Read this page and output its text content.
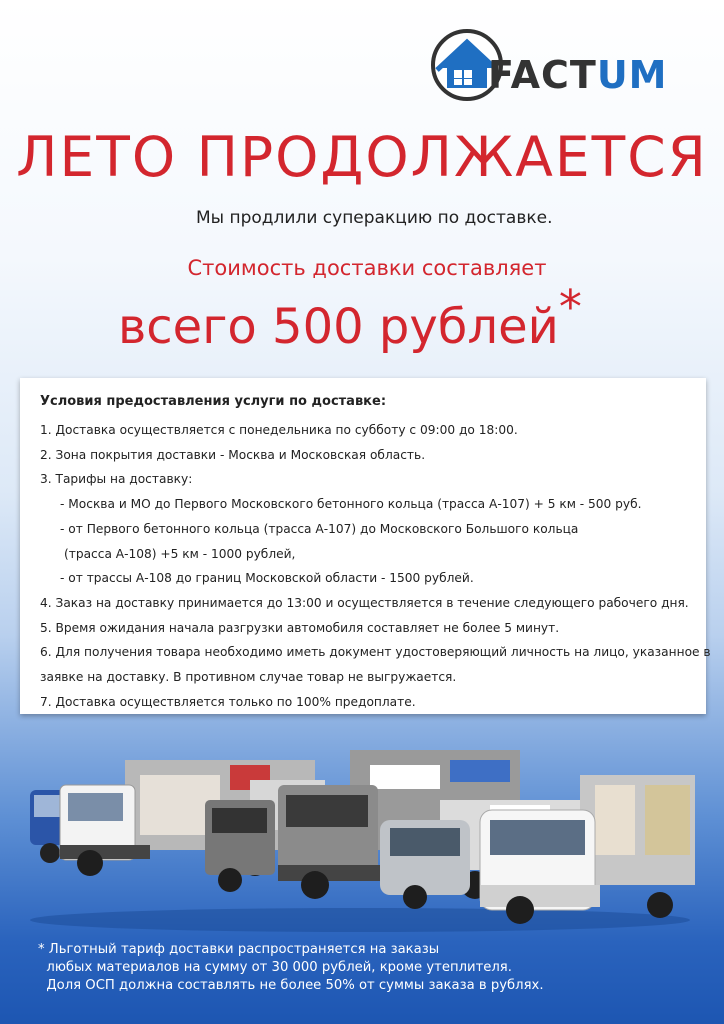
FACTUM
ЛЕТО ПРОДОЛЖАЕТСЯ
Мы продлили суперакцию по доставке.
Стоимость доставки составляет
всего 500 рублей*
Условия предоставления услуги по доставке:
1. Доставка осуществляется с понедельника по субботу с 09:00 до 18:00.
2. Зона покрытия доставки - Москва и Московская область.
3. Тарифы на доставку:
- Москва и МО до Первого Московского бетонного кольца (трасса А-107) + 5 км - 500 руб.
- от Первого бетонного кольца (трасса А-107) до Московского Большого кольца
(трасса А-108) +5 км - 1000 рублей,
- от трассы А-108 до границ Московской области - 1500 рублей.
4. Заказ на доставку принимается до 13:00 и осуществляется в течение следующего рабочего дня.
5. Время ожидания начала разгрузки автомобиля составляет не более 5 минут.
6. Для получения товара необходимо иметь документ удостоверяющий личность на лицо, указанное в
заявке на доставку. В противном случае товар не выгружается.
7. Доставка осуществляется только по 100% предоплате.
* Льготный тариф доставки распространяется на заказы
любых материалов на сумму от 30 000 рублей, кроме утеплителя.
Доля ОСП должна составлять не более 50% от суммы заказа в рублях.
